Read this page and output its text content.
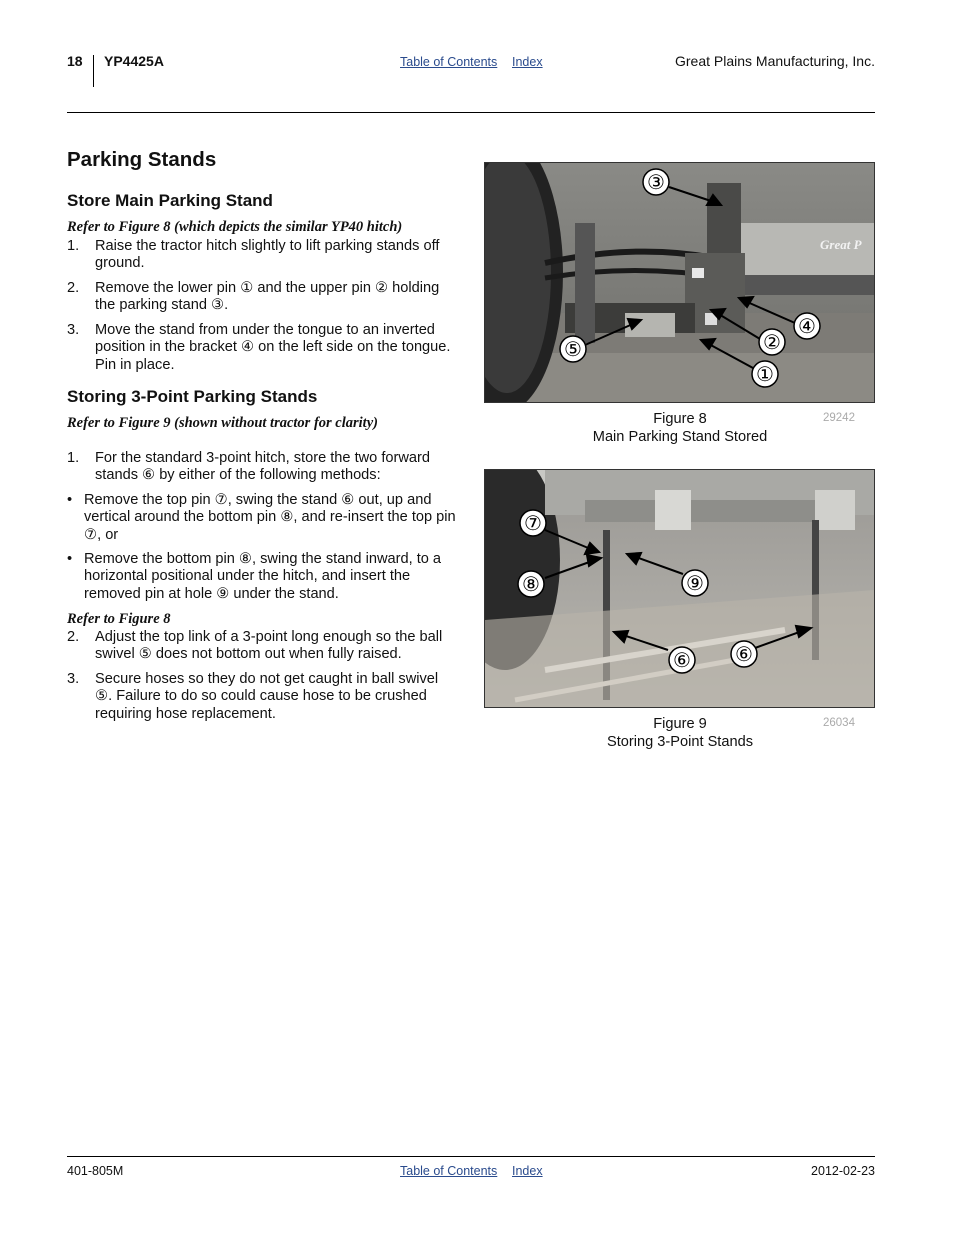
18 YP4425A	Table of Contents Index	Great Plains Manufacturing, Inc.
Parking Stands
Store Main Parking Stand
Refer to Figure 8 (which depicts the similar YP40 hitch)
1. Raise the tractor hitch slightly to lift parking stands off ground.
2. Remove the lower pin ① and the upper pin ② holding the parking stand ③.
3. Move the stand from under the tongue to an inverted position in the bracket ④ on the left side on the tongue. Pin in place.
Storing 3-Point Parking Stands
Refer to Figure 9 (shown without tractor for clarity)
1. For the standard 3-point hitch, store the two forward stands ⑥ by either of the following methods:
• Remove the top pin ⑦, swing the stand ⑥ out, up and vertical around the bottom pin ⑧, and re-insert the top pin ⑦, or
• Remove the bottom pin ⑧, swing the stand inward, to a horizontal positional under the hitch, and insert the removed pin at hole ⑨ under the stand.
Refer to Figure 8
2. Adjust the top link of a 3-point long enough so the ball swivel ⑤ does not bottom out when fully raised.
3. Secure hoses so they do not get caught in ball swivel ⑤. Failure to do so could cause hose to be crushed requiring hose replacement.
Great P
③
④
②
⑤
①
Figure 8
Main Parking Stand Stored
29242
⑦
⑧	⑨
⑥ ⑥
Figure 9
Storing 3-Point Stands
26034
401-805M	Table of Contents Index	2012-02-23
